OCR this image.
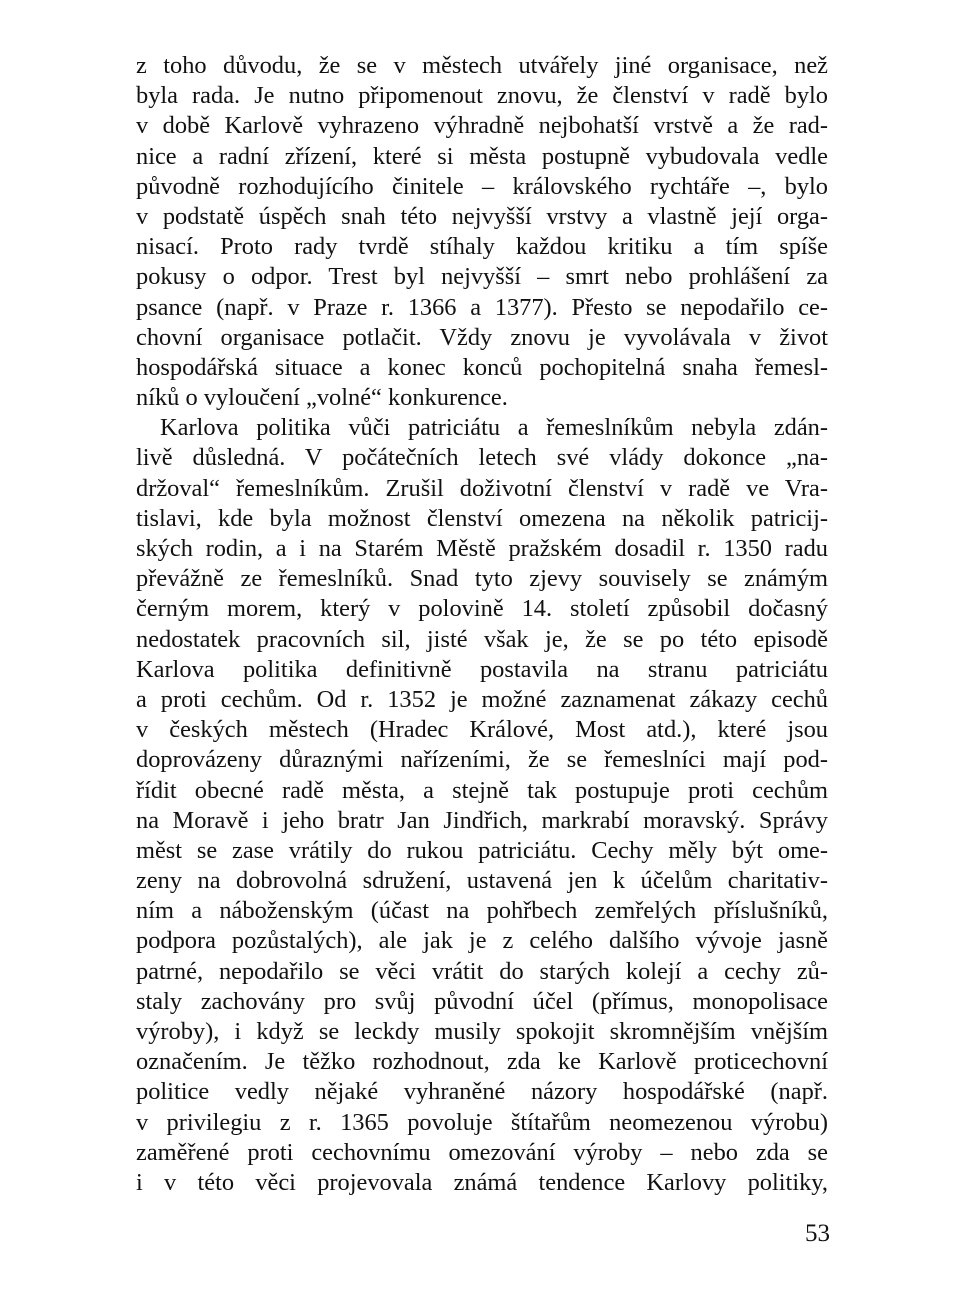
z toho důvodu, že se v městech utvářely jiné organisace, než
byla rada. Je nutno připomenout znovu, že členství v radě bylo
v době Karlově vyhrazeno výhradně nejbohatší vrstvě a že rad-
nice a radní zřízení, které si města postupně vybudovala vedle
původně rozhodujícího činitele – královského rychtáře –, bylo
v podstatě úspěch snah této nejvyšší vrstvy a vlastně její orga-
nisací. Proto rady tvrdě stíhaly každou kritiku a tím spíše
pokusy o odpor. Trest byl nejvyšší – smrt nebo prohlášení za
psance (např. v Praze r. 1366 a 1377). Přesto se nepodařilo ce-
chovní organisace potlačit. Vždy znovu je vyvolávala v život
hospodářská situace a konec konců pochopitelná snaha řemesl-
níků o vyloučení „volné“ konkurence.
Karlova politika vůči patriciátu a řemeslníkům nebyla zdán-
livě důsledná. V počátečních letech své vlády dokonce „na-
držoval“ řemeslníkům. Zrušil doživotní členství v radě ve Vra-
tislavi, kde byla možnost členství omezena na několik patricij-
ských rodin, a i na Starém Městě pražském dosadil r. 1350 radu
převážně ze řemeslníků. Snad tyto zjevy souvisely se známým
černým morem, který v polovině 14. století způsobil dočasný
nedostatek pracovních sil, jisté však je, že se po této episodě
Karlova politika definitivně postavila na stranu patriciátu
a proti cechům. Od r. 1352 je možné zaznamenat zákazy cechů
v českých městech (Hradec Králové, Most atd.), které jsou
doprovázeny důraznými nařízeními, že se řemeslníci mají pod-
řídit obecné radě města, a stejně tak postupuje proti cechům
na Moravě i jeho bratr Jan Jindřich, markrabí moravský. Správy
měst se zase vrátily do rukou patriciátu. Cechy měly být ome-
zeny na dobrovolná sdružení, ustavená jen k účelům charitativ-
ním a náboženským (účast na pohřbech zemřelých příslušníků,
podpora pozůstalých), ale jak je z celého dalšího vývoje jasně
patrné, nepodařilo se věci vrátit do starých kolejí a cechy zů-
staly zachovány pro svůj původní účel (přímus, monopolisace
výroby), i když se leckdy musily spokojit skromnějším vnějším
označením. Je těžko rozhodnout, zda ke Karlově proticechovní
politice vedly nějaké vyhraněné názory hospodářské (např.
v privilegiu z r. 1365 povoluje štítařům neomezenou výrobu)
zaměřené proti cechovnímu omezování výroby – nebo zda se
i v této věci projevovala známá tendence Karlovy politiky,
53
